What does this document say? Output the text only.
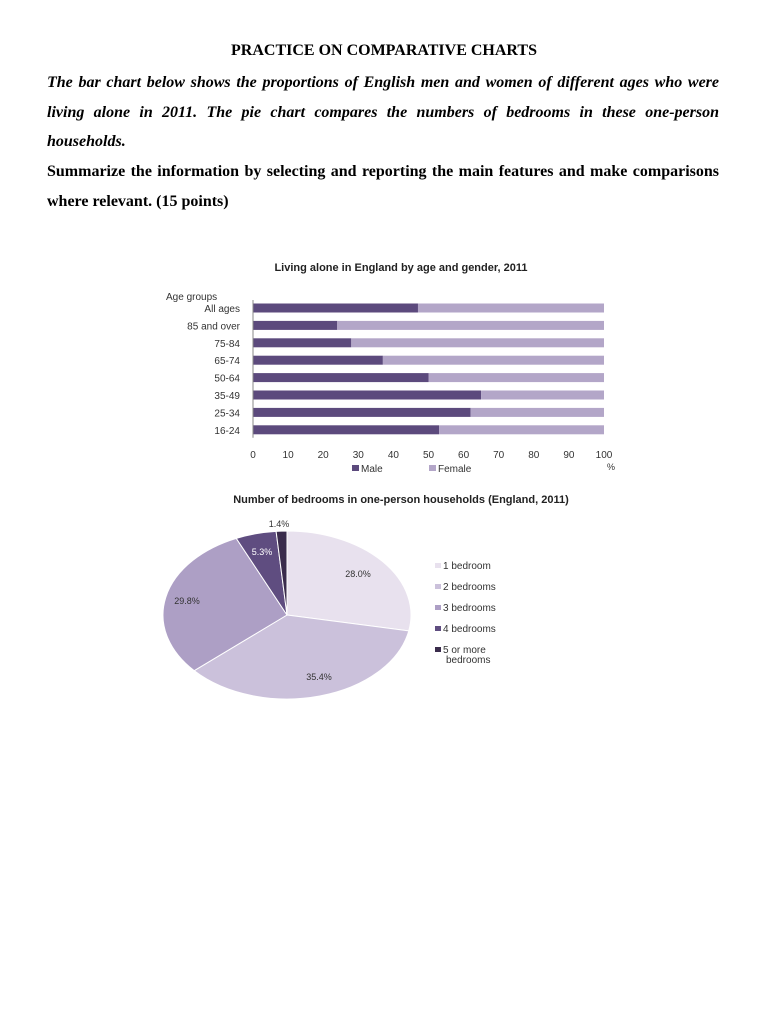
PRACTICE ON COMPARATIVE CHARTS
The bar chart below shows the proportions of English men and women of different ages who were living alone in 2011. The pie chart compares the numbers of bedrooms in these one-person households.
Summarize the information by selecting and reporting the main features and make comparisons where relevant. (15 points)
Living alone in England by age and gender, 2011
Age groups
All ages
85 and over
75-84
65-74
50-64
35-49
25-34
16-24
0	10 20 30 40 50 60 70 80 90 100
%
Male	Female
Number of bedrooms in one-person households (England, 2011)
28.0%
35.4%
29.8%
5.3%
1.4%
1 bedroom
2 bedrooms
3 bedrooms
4 bedrooms
5 or more
bedrooms
